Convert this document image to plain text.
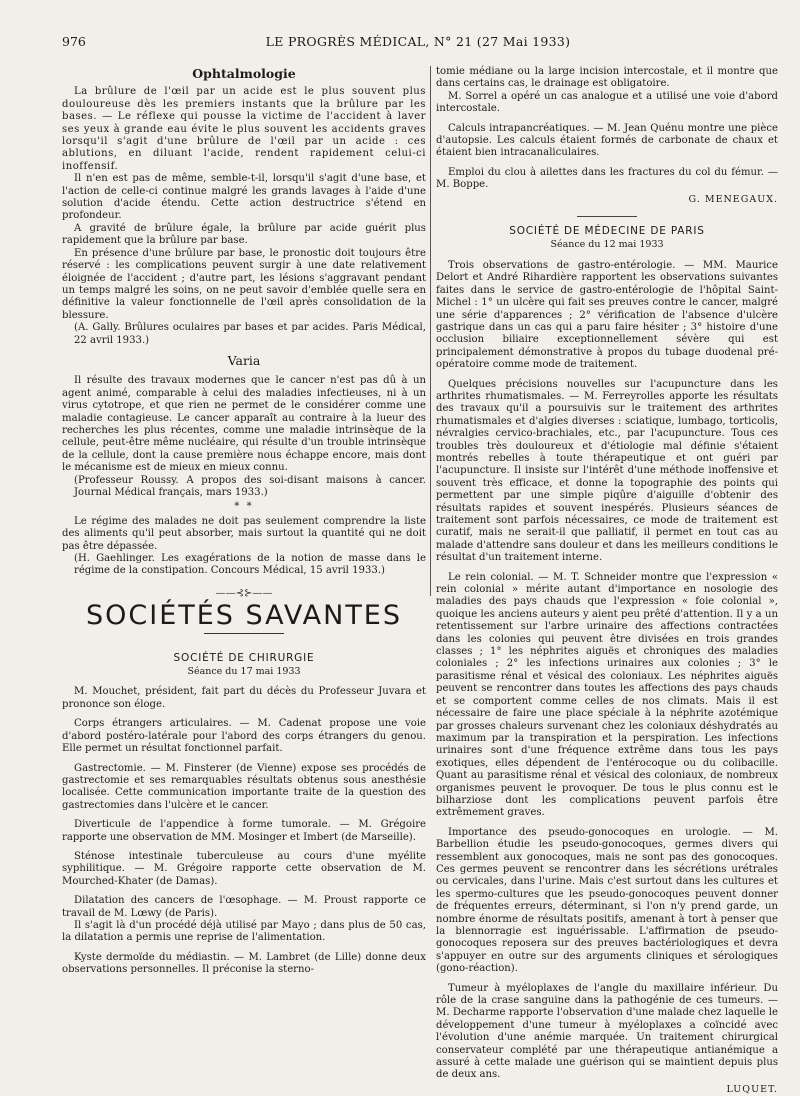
976	LE PROGRÈS MÉDICAL, N° 21 (27 Mai 1933)
Ophtalmologie

La brûlure de l'œil par un acide est le plus souvent plus douloureuse dès les premiers instants que la brûlure par les bases. — Le réflexe qui pousse la victime de l'accident à laver ses yeux à grande eau évite le plus souvent les accidents graves lorsqu'il s'agit d'une brûlure de l'œil par un acide : ces ablutions, en diluant l'acide, rendent rapidement celui-ci inoffensif.

Il n'en est pas de même, semble-t-il, lorsqu'il s'agit d'une base, et l'action de celle-ci continue malgré les grands lavages à l'aide d'une solution d'acide étendu. Cette action destructrice s'étend en profondeur.

A gravité de brûlure égale, la brûlure par acide guérit plus rapidement que la brûlure par base.

En présence d'une brûlure par base, le pronostic doit toujours être réservé : les complications peuvent surgir à une date relativement éloignée de l'accident ; d'autre part, les lésions s'aggravant pendant un temps malgré les soins, on ne peut savoir d'emblée quelle sera en définitive la valeur fonctionnelle de l'œil après consolidation de la blessure.

(A. Gally. Brûlures oculaires par bases et par acides. Paris Médical, 22 avril 1933.)

Varia

Il résulte des travaux modernes que le cancer n'est pas dû à un agent animé, comparable à celui des maladies infectieuses, ni à un virus cytotrope, et que rien ne permet de le considérer comme une maladie contagieuse. Le cancer apparaît au contraire à la lueur des recherches les plus récentes, comme une maladie intrinsèque de la cellule, peut-être même nucléaire, qui résulte d'un trouble intrinsèque de la cellule, dont la cause première nous échappe encore, mais dont le mécanisme est de mieux en mieux connu.

(Professeur Roussy. A propos des soi-disant maisons à cancer. Journal Médical français, mars 1933.)

* *

Le régime des malades ne doit pas seulement comprendre la liste des aliments qu'il peut absorber, mais surtout la quantité qui ne doit pas être dépassée.

(H. Gaehlinger. Les exagérations de la notion de masse dans le régime de la constipation. Concours Médical, 15 avril 1933.)

——⊰⊱——
SOCIÉTÉS SAVANTES
SOCIÉTÉ DE CHIRURGIE
Séance du 17 mai 1933

M. Mouchet, président, fait part du décès du Professeur Juvara et prononce son éloge.

Corps étrangers articulaires. — M. Cadenat propose une voie d'abord postéro-latérale pour l'abord des corps étrangers du genou. Elle permet un résultat fonctionnel parfait.

Gastrectomie. — M. Finsterer (de Vienne) expose ses procédés de gastrectomie et ses remarquables résultats obtenus sous anesthésie localisée. Cette communication importante traite de la question des gastrectomies dans l'ulcère et le cancer.

Diverticule de l'appendice à forme tumorale. — M. Grégoire rapporte une observation de MM. Mosinger et Imbert (de Marseille).

Sténose intestinale tuberculeuse au cours d'une myélite syphilitique. — M. Grégoire rapporte cette observation de M. Mourched-Khater (de Damas).

Dilatation des cancers de l'œsophage. — M. Proust rapporte ce travail de M. Lœwy (de Paris).

Il s'agit là d'un procédé déjà utilisé par Mayo ; dans plus de 50 cas, la dilatation a permis une reprise de l'alimentation.

Kyste dermoïde du médiastin. — M. Lambret (de Lille) donne deux observations personnelles. Il préconise la sterno-

tomie médiane ou la large incision intercostale, et il montre que dans certains cas, le drainage est obligatoire.

M. Sorrel a opéré un cas analogue et a utilisé une voie d'abord intercostale.

Calculs intrapancréatiques. — M. Jean Quénu montre une pièce d'autopsie. Les calculs étaient formés de carbonate de chaux et étaient bien intracanaliculaires.

Emploi du clou à ailettes dans les fractures du col du fémur. — M. Boppe.

G. MENEGAUX.
SOCIÉTÉ DE MÉDECINE DE PARIS
Séance du 12 mai 1933

Trois observations de gastro-entérologie. — MM. Maurice Delort et André Rihardière rapportent les observations suivantes faites dans le service de gastro-entérologie de l'hôpital Saint-Michel : 1° un ulcère qui fait ses preuves contre le cancer, malgré une série d'apparences ; 2° vérification de l'absence d'ulcère gastrique dans un cas qui a paru faire hésiter ; 3° histoire d'une occlusion biliaire exceptionnellement sévère qui est principalement démonstrative à propos du tubage duodenal pré-opératoire comme mode de traitement.

Quelques précisions nouvelles sur l'acupuncture dans les arthrites rhumatismales. — M. Ferreyrolles apporte les résultats des travaux qu'il a poursuivis sur le traitement des arthrites rhumatismales et d'algies diverses : sciatique, lumbago, torticolis, névralgies cervico-brachiales, etc., par l'acupuncture. Tous ces troubles très douloureux et d'étiologie mal définie s'étaient montrés rebelles à toute thérapeutique et ont guéri par l'acupuncture. Il insiste sur l'intérêt d'une méthode inoffensive et souvent très efficace, et donne la topographie des points qui permettent par une simple piqûre d'aiguille d'obtenir des résultats rapides et souvent inespérés. Plusieurs séances de traitement sont parfois nécessaires, ce mode de traitement est curatif, mais ne serait-il que palliatif, il permet en tout cas au malade d'attendre sans douleur et dans les meilleurs conditions le résultat d'un traitement interne.

Le rein colonial. — M. T. Schneider montre que l'expression « rein colonial » mérite autant d'importance en nosologie des maladies des pays chauds que l'expression « foie colonial », quoique les anciens auteurs y aient peu prêté d'attention. Il y a un retentissement sur l'arbre urinaire des affections contractées dans les colonies qui peuvent être divisées en trois grandes classes ; 1° les néphrites aiguës et chroniques des maladies coloniales ; 2° les infections urinaires aux colonies ; 3° le parasitisme rénal et vésical des coloniaux. Les néphrites aiguës peuvent se rencontrer dans toutes les affections des pays chauds et se comportent comme celles de nos climats. Mais il est nécessaire de faire une place spéciale à la néphrite azotémique par grosses chaleurs survenant chez les coloniaux déshydratés au maximum par la transpiration et la perspiration. Les infections urinaires sont d'une fréquence extrême dans tous les pays exotiques, elles dépendent de l'entérocoque ou du colibacille. Quant au parasitisme rénal et vésical des coloniaux, de nombreux organismes peuvent le provoquer. De tous le plus connu est le bilharziose dont les complications peuvent parfois être extrêmement graves.

Importance des pseudo-gonocoques en urologie. — M. Barbellion étudie les pseudo-gonocoques, germes divers qui ressemblent aux gonocoques, mais ne sont pas des gonocoques. Ces germes peuvent se rencontrer dans les sécrétions urétrales ou cervicales, dans l'urine. Mais c'est surtout dans les cultures et les spermo-cultures que les pseudo-gonocoques peuvent donner de fréquentes erreurs, déterminant, si l'on n'y prend garde, un nombre énorme de résultats positifs, amenant à tort à penser que la blennorragie est inguérissable. L'affirmation de pseudo-gonocoques reposera sur des preuves bactériologiques et devra s'appuyer en outre sur des arguments cliniques et sérologiques (gono-réaction).

Tumeur à myéloplaxes de l'angle du maxillaire inférieur. Du rôle de la crase sanguine dans la pathogénie de ces tumeurs. — M. Decharme rapporte l'observation d'une malade chez laquelle le développement d'une tumeur à myéloplaxes a coïncidé avec l'évolution d'une anémie marquée. Un traitement chirurgical conservateur complété par une thérapeutique antianémique a assuré à cette malade une guérison qui se maintient depuis plus de deux ans.

LUQUET.
